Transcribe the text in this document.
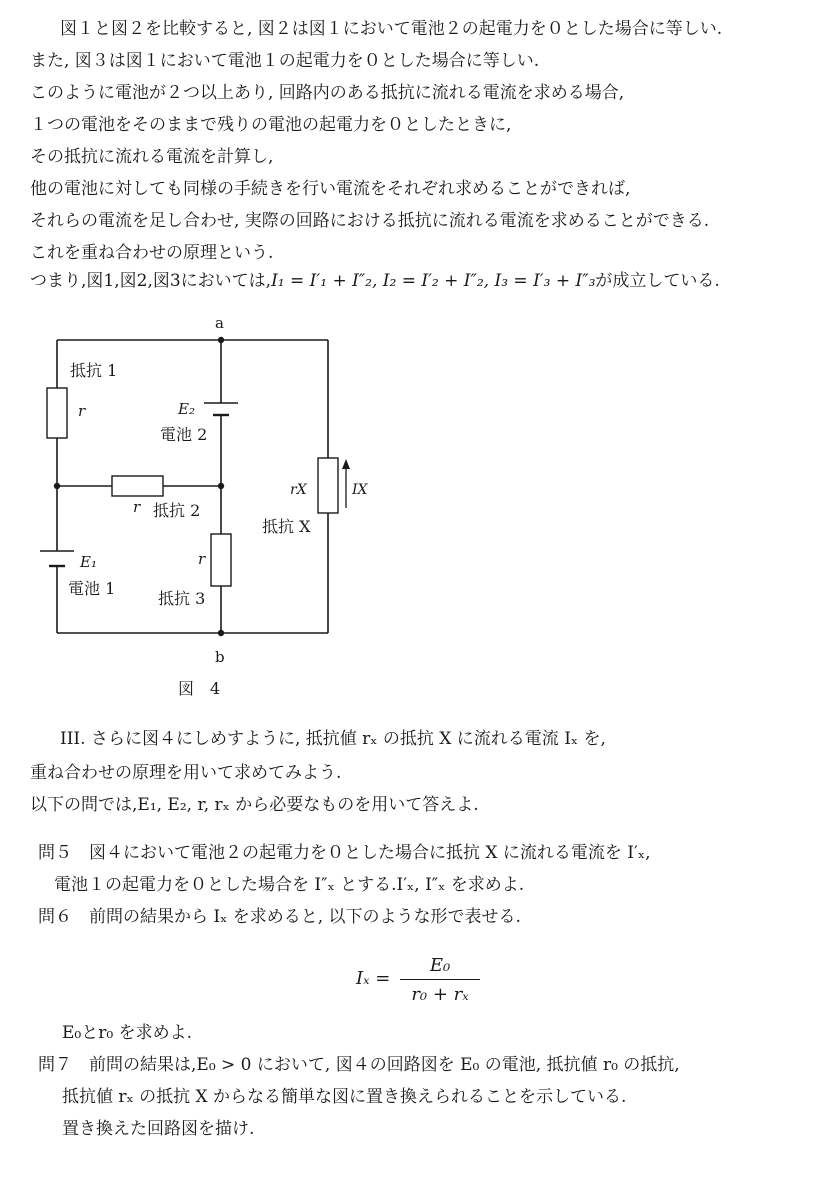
図１と図２を比較すると, 図２は図１において電池２の起電力を０とした場合に等しい.
また, 図３は図１において電池１の起電力を０とした場合に等しい.
このように電池が２つ以上あり, 回路内のある抵抗に流れる電流を求める場合,
１つの電池をそのままで残りの電池の起電力を０としたときに,
その抵抗に流れる電流を計算し,
他の電池に対しても同様の手続きを行い電流をそれぞれ求めることができれば,
それらの電流を足し合わせ, 実際の回路における抵抗に流れる電流を求めることができる.
これを重ね合わせの原理という.
つまり,図1,図2,図3においては,I₁ = I′₁ + I″₂, I₂ = I′₂ + I″₂, I₃ = I′₃ + I″₃が成立している.
a
b
抵抗 1
r	E₂
電池 2
r 抵抗 2
E₁
電池 1
r
抵抗 3
rX	IX
抵抗 X
図　4
III. さらに図４にしめすように, 抵抗値 rₓ の抵抗 X に流れる電流 Iₓ を,
重ね合わせの原理を用いて求めてみよう.
以下の問では,E₁, E₂, r, rₓ から必要なものを用いて答えよ.
問５　図４において電池２の起電力を０とした場合に抵抗 X に流れる電流を I′ₓ,
電池１の起電力を０とした場合を I″ₓ とする.I′ₓ, I″ₓ を求めよ.
問６　前問の結果から Iₓ を求めると, 以下のような形で表せる.
$I_x = \frac{\text{E₀}}{\text{r₀ + rₓ}}$
E₀とr₀ を求めよ.
問７　前問の結果は,E₀ > 0 において, 図４の回路図を E₀ の電池, 抵抗値 r₀ の抵抗,
抵抗値 rₓ の抵抗 X からなる簡単な図に置き換えられることを示している.
置き換えた回路図を描け.
